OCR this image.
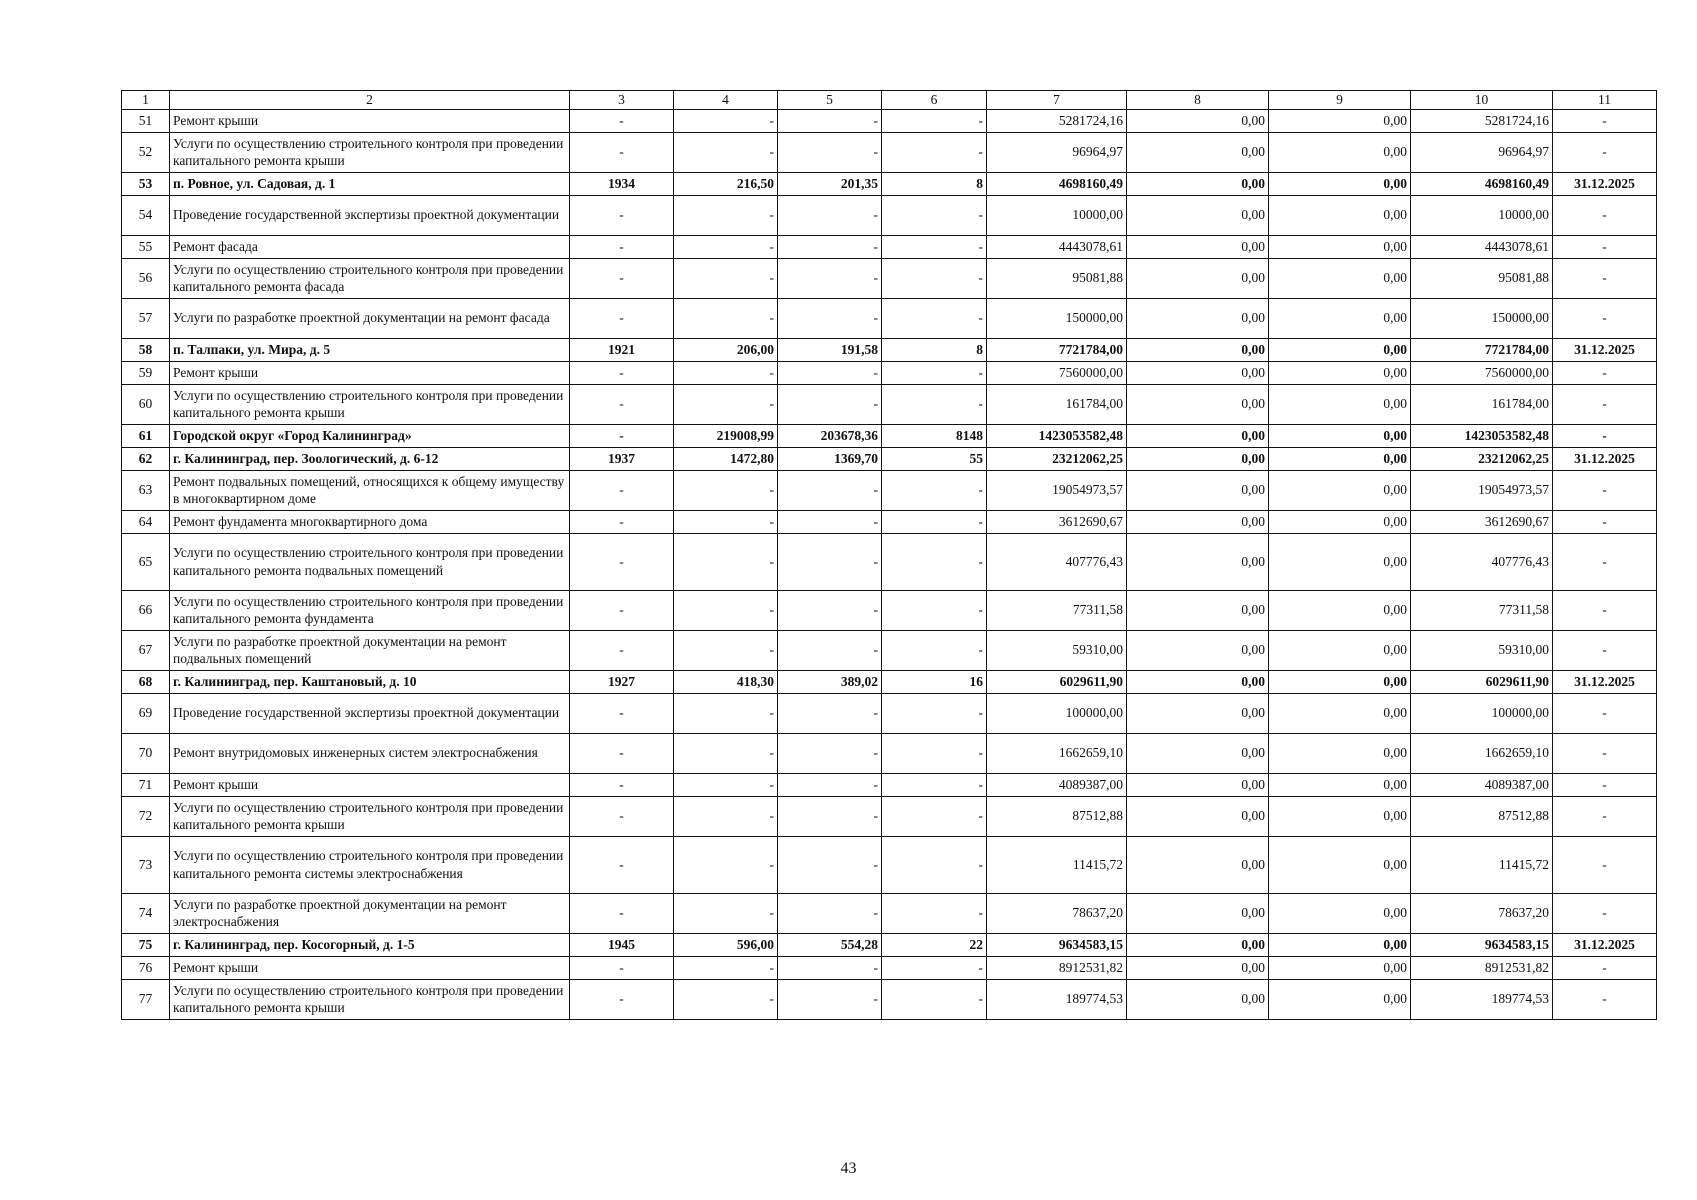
1	2	3	4	5	6	7	8	9	10	11
51	Ремонт крыши	-	-	-	-	5281724,16	0,00	0,00	5281724,16	-
52	Услуги по осуществлению строительного контроля при проведении капитального ремонта крыши	-	-	-	-	96964,97	0,00	0,00	96964,97	-
53	п. Ровное, ул. Садовая, д. 1	1934	216,50	201,35	8	4698160,49	0,00	0,00	4698160,49	31.12.2025
54	Проведение государственной экспертизы проектной документации	-	-	-	-	10000,00	0,00	0,00	10000,00	-
55	Ремонт фасада	-	-	-	-	4443078,61	0,00	0,00	4443078,61	-
56	Услуги по осуществлению строительного контроля при проведении капитального ремонта фасада	-	-	-	-	95081,88	0,00	0,00	95081,88	-
57	Услуги по разработке проектной документации на ремонт фасада	-	-	-	-	150000,00	0,00	0,00	150000,00	-
58	п. Талпаки, ул. Мира, д. 5	1921	206,00	191,58	8	7721784,00	0,00	0,00	7721784,00	31.12.2025
59	Ремонт крыши	-	-	-	-	7560000,00	0,00	0,00	7560000,00	-
60	Услуги по осуществлению строительного контроля при проведении капитального ремонта крыши	-	-	-	-	161784,00	0,00	0,00	161784,00	-
61	Городской округ «Город Калининград»	-	219008,99	203678,36	8148	1423053582,48	0,00	0,00	1423053582,48	-
62	г. Калининград, пер. Зоологический, д. 6-12	1937	1472,80	1369,70	55	23212062,25	0,00	0,00	23212062,25	31.12.2025
63	Ремонт подвальных помещений, относящихся к общему имуществу в многоквартирном доме	-	-	-	-	19054973,57	0,00	0,00	19054973,57	-
64	Ремонт фундамента многоквартирного дома	-	-	-	-	3612690,67	0,00	0,00	3612690,67	-
65	Услуги по осуществлению строительного контроля при проведении капитального ремонта подвальных помещений	-	-	-	-	407776,43	0,00	0,00	407776,43	-
66	Услуги по осуществлению строительного контроля при проведении капитального ремонта фундамента	-	-	-	-	77311,58	0,00	0,00	77311,58	-
67	Услуги по разработке проектной документации на ремонт подвальных помещений	-	-	-	-	59310,00	0,00	0,00	59310,00	-
68	г. Калининград, пер. Каштановый, д. 10	1927	418,30	389,02	16	6029611,90	0,00	0,00	6029611,90	31.12.2025
69	Проведение государственной экспертизы проектной документации	-	-	-	-	100000,00	0,00	0,00	100000,00	-
70	Ремонт внутридомовых инженерных систем электроснабжения	-	-	-	-	1662659,10	0,00	0,00	1662659,10	-
71	Ремонт крыши	-	-	-	-	4089387,00	0,00	0,00	4089387,00	-
72	Услуги по осуществлению строительного контроля при проведении капитального ремонта крыши	-	-	-	-	87512,88	0,00	0,00	87512,88	-
73	Услуги по осуществлению строительного контроля при проведении капитального ремонта системы электроснабжения	-	-	-	-	11415,72	0,00	0,00	11415,72	-
74	Услуги по разработке проектной документации на ремонт электроснабжения	-	-	-	-	78637,20	0,00	0,00	78637,20	-
75	г. Калининград, пер. Косогорный, д. 1-5	1945	596,00	554,28	22	9634583,15	0,00	0,00	9634583,15	31.12.2025
76	Ремонт крыши	-	-	-	-	8912531,82	0,00	0,00	8912531,82	-
77	Услуги по осуществлению строительного контроля при проведении капитального ремонта крыши	-	-	-	-	189774,53	0,00	0,00	189774,53	-
43
